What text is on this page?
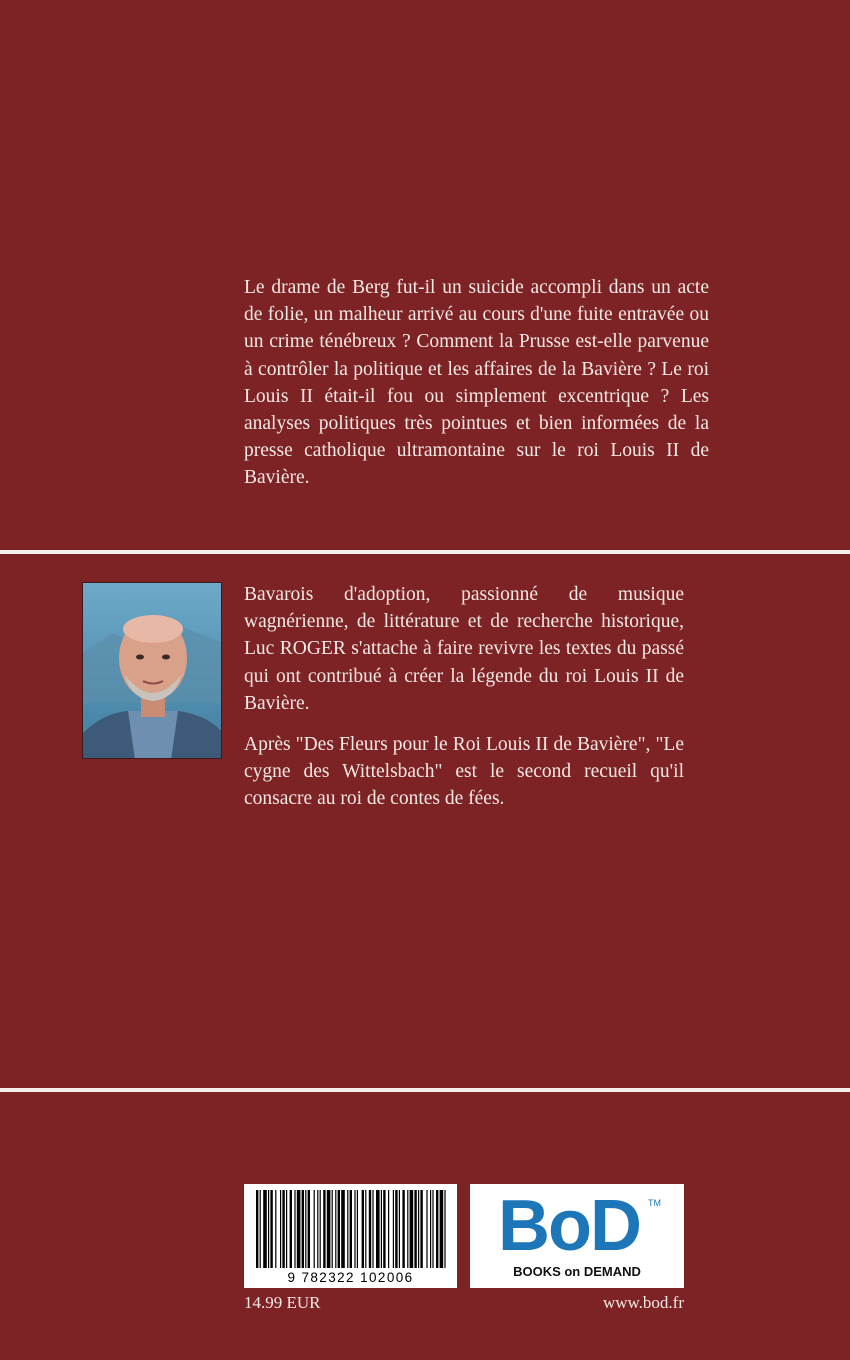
Le drame de Berg fut-il un suicide accompli dans un acte de folie, un malheur arrivé au cours d'une fuite entravée ou un crime ténébreux ? Comment la Prusse est-elle parvenue à contrôler la politique et les affaires de la Bavière ? Le roi Louis II était-il fou ou simplement excentrique ? Les analyses politiques très pointues et bien informées de la presse catholique ultramontaine sur le roi Louis II de Bavière.

Bavarois d'adoption, passionné de musique wagnérienne, de littérature et de recherche historique, Luc ROGER s'attache à faire revivre les textes du passé qui ont contribué à créer la légende du roi Louis II de Bavière.

Après "Des Fleurs pour le Roi Louis II de Bavière", "Le cygne des Wittelsbach" est le second recueil qu'il consacre au roi de contes de fées.

9 782322 102006
BoD TM
BOOKS on DEMAND
14.99 EUR	www.bod.fr
